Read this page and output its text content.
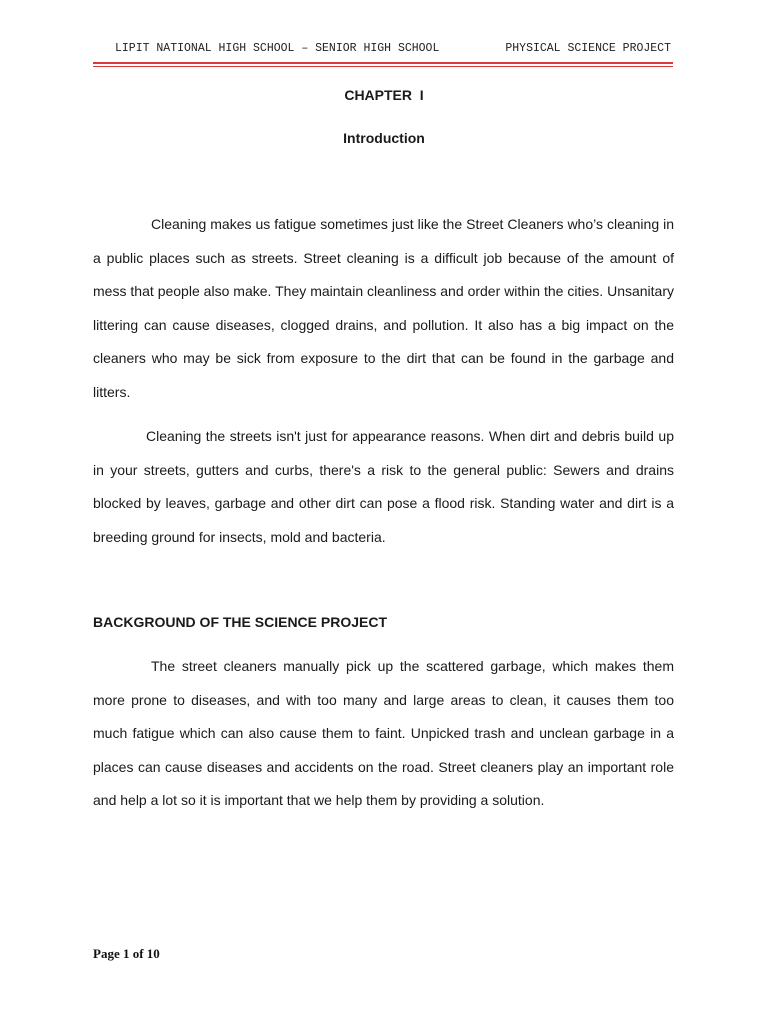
LIPIT NATIONAL HIGH SCHOOL – SENIOR HIGH SCHOOL	PHYSICAL SCIENCE PROJECT
CHAPTER  I
Introduction

Cleaning makes us fatigue sometimes just like the Street Cleaners who’s cleaning in a public places such as streets. Street cleaning is a difficult job because of the amount of mess that people also make. They maintain cleanliness and order within the cities. Unsanitary littering can cause diseases, clogged drains, and pollution. It also has a big impact on the cleaners who may be sick from exposure to the dirt that can be found in the garbage and litters.

Cleaning the streets isn't just for appearance reasons. When dirt and debris build up in your streets, gutters and curbs, there's a risk to the general public: Sewers and drains blocked by leaves, garbage and other dirt can pose a flood risk. Standing water and dirt is a breeding ground for insects, mold and bacteria.

BACKGROUND OF THE SCIENCE PROJECT

The street cleaners manually pick up the scattered garbage, which makes them more prone to diseases, and with too many and large areas to clean, it causes them too much fatigue which can also cause them to faint. Unpicked trash and unclean garbage in a places can cause diseases and accidents on the road. Street cleaners play an important role and help a lot so it is important that we help them by providing a solution.

Page 1 of 10
